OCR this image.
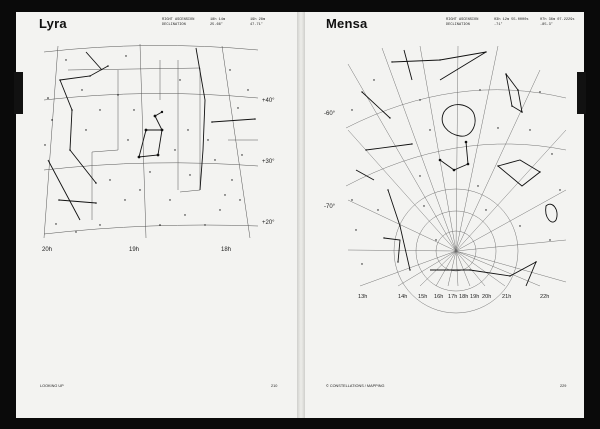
Lyra	RIGHT ASCENSION	18h 14m	19h 28m
DECLINATION	25.66°	47.71°
LOOKING UP	210
Mensa	RIGHT ASCENSION	03h 12m 55.0000s	07h 36m 07.2229s
DECLINATION	-71°	-85.3°
© CONSTELLATIONS / MAPPING	229
+40°
+30°
+20°
20h	19h	18h
-60°
-70°
13h	14h 15h 16h 17h 18h 19h 20h 21h	22h
